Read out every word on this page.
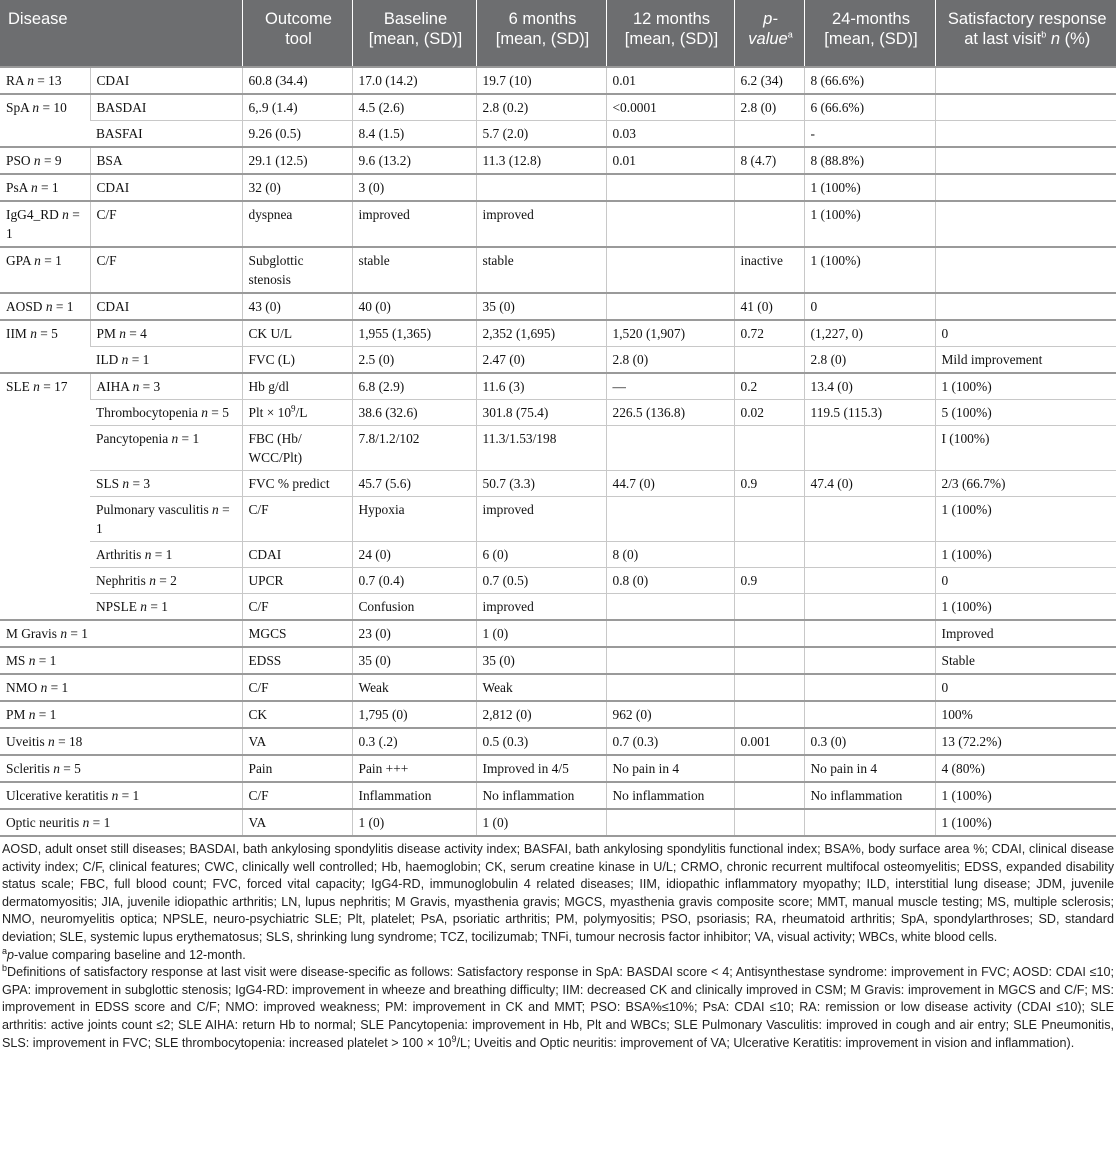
Disease		Outcome tool	Baseline [mean, (SD)]	6 months [mean, (SD)]	12 months [mean, (SD)]	p-value$^a$	24-months [mean, (SD)]	Satisfactory response at last visit$^b$ n (%)
RA n = 13	CDAI	60.8 (34.4)	17.0 (14.2)	19.7 (10)	0.01	6.2 (34)	8 (66.6%)	
SpA n = 10	BASDAI	6,.9 (1.4)	4.5 (2.6)	2.8 (0.2)	<0.0001	2.8 (0)	6 (66.6%)	
	BASFAI	9.26 (0.5)	8.4 (1.5)	5.7 (2.0)	0.03		-	
PSO n = 9	BSA	29.1 (12.5)	9.6 (13.2)	11.3 (12.8)	0.01	8 (4.7)	8 (88.8%)	
PsA n = 1	CDAI	32 (0)	3 (0)				1 (100%)	
IgG4_RD n = 1	C/F	dyspnea	improved	improved			1 (100%)	
GPA n = 1	C/F	Subglottic stenosis	stable	stable		inactive	1 (100%)	
AOSD n = 1	CDAI	43 (0)	40 (0)	35 (0)		41 (0)	0	
IIM n = 5	PM n = 4	CK U/L	1,955 (1,365)	2,352 (1,695)	1,520 (1,907)	0.72	(1,227, 0)	0
	ILD n = 1	FVC (L)	2.5 (0)	2.47 (0)	2.8 (0)		2.8 (0)	Mild improvement
SLE n = 17	AIHA n = 3	Hb g/dl	6.8 (2.9)	11.6 (3)	—	0.2	13.4 (0)	1 (100%)
	Thrombocytopenia n = 5	Plt × $10^9/L$	38.6 (32.6)	301.8 (75.4)	226.5 (136.8)	0.02	119.5 (115.3)	5 (100%)
	Pancytopenia n = 1	FBC (Hb/ WCC/Plt)	7.8/1.2/102	11.3/1.53/198				I (100%)
	SLS n = 3	FVC % predict	45.7 (5.6)	50.7 (3.3)	44.7 (0)	0.9	47.4 (0)	2/3 (66.7%)
	Pulmonary vasculitis n = 1	C/F	Hypoxia	improved				1 (100%)
	Arthritis n = 1	CDAI	24 (0)	6 (0)	8 (0)			1 (100%)
	Nephritis n = 2	UPCR	0.7 (0.4)	0.7 (0.5)	0.8 (0)	0.9		0
	NPSLE n = 1	C/F	Confusion	improved				1 (100%)
M Gravis n = 1		MGCS	23 (0)	1 (0)				Improved
MS n = 1		EDSS	35 (0)	35 (0)				Stable
NMO n = 1		C/F	Weak	Weak				0
PM n = 1		CK	1,795 (0)	2,812 (0)	962 (0)			100%
Uveitis n = 18		VA	0.3 (.2)	0.5 (0.3)	0.7 (0.3)	0.001	0.3 (0)	13 (72.2%)
Scleritis n = 5		Pain	Pain +++	Improved in 4/5	No pain in 4		No pain in 4	4 (80%)
Ulcerative keratitis n = 1		C/F	Inflammation	No inflammation	No inflammation		No inflammation	1 (100%)
Optic neuritis n = 1		VA	1 (0)	1 (0)				1 (100%)

AOSD, adult onset still diseases; BASDAI, bath ankylosing spondylitis disease activity index; BASFAI, bath ankylosing spondylitis functional index; BSA%, body surface area %; CDAI, clinical disease activity index; C/F, clinical features; CWC, clinically well controlled; Hb, haemoglobin; CK, serum creatine kinase in U/L; CRMO, chronic recurrent multifocal osteomyelitis; EDSS, expanded disability status scale; FBC, full blood count; FVC, forced vital capacity; IgG4-RD, immunoglobulin 4 related diseases; IIM, idiopathic inflammatory myopathy; ILD, interstitial lung disease; JDM, juvenile dermatomyositis; JIA, juvenile idiopathic arthritis; LN, lupus nephritis; M Gravis, myasthenia gravis; MGCS, myasthenia gravis composite score; MMT, manual muscle testing; MS, multiple sclerosis; NMO, neuromyelitis optica; NPSLE, neuro-psychiatric SLE; Plt, platelet; PsA, psoriatic arthritis; PM, polymyositis; PSO, psoriasis; RA, rheumatoid arthritis; SpA, spondylarthroses; SD, standard deviation; SLE, systemic lupus erythematosus; SLS, shrinking lung syndrome; TCZ, tocilizumab; TNFi, tumour necrosis factor inhibitor; VA, visual activity; WBCs, white blood cells.

$^a$p-value comparing baseline and 12-month.

$^b$Definitions of satisfactory response at last visit were disease-specific as follows: Satisfactory response in SpA: BASDAI score < 4; Antisynthestase syndrome: improvement in FVC; AOSD: CDAI ≤10; GPA: improvement in subglottic stenosis; IgG4-RD: improvement in wheeze and breathing difficulty; IIM: decreased CK and clinically improved in CSM; M Gravis: improvement in MGCS and C/F; MS: improvement in EDSS score and C/F; NMO: improved weakness; PM: improvement in CK and MMT; PSO: BSA%≤10%; PsA: CDAI ≤10; RA: remission or low disease activity (CDAI ≤10); SLE arthritis: active joints count ≤2; SLE AIHA: return Hb to normal; SLE Pancytopenia: improvement in Hb, Plt and WBCs; SLE Pulmonary Vasculitis: improved in cough and air entry; SLE Pneumonitis, SLS: improvement in FVC; SLE thrombocytopenia: increased platelet > $100 \times 10^9/L$; Uveitis and Optic neuritis: improvement of VA; Ulcerative Keratitis: improvement in vision and inflammation).
